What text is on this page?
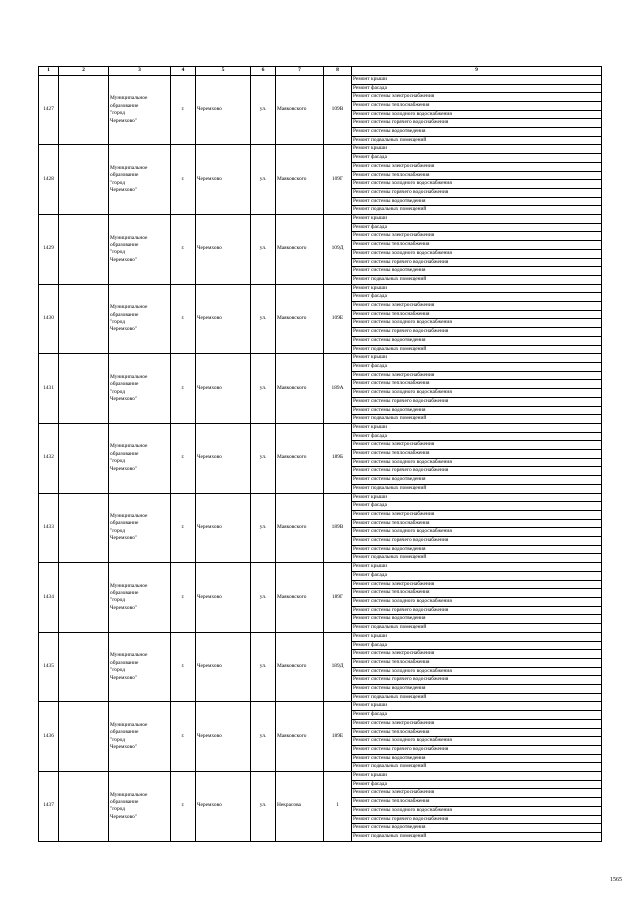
1	2	3	4	5	6	7	8	9
1427		Муниципальное
образование
"город
Черемхово"	г.	Черемхово	ул.	Маяковского	109В	Ремонт крыши
								Ремонт фасада
								Ремонт системы электроснабжения
								Ремонт системы теплоснабжения
								Ремонт системы холодного водоснабжения
								Ремонт системы горячего водоснабжения
								Ремонт системы водоотведения
								Ремонт подвальных помещений
1428		Муниципальное
образование
"город
Черемхово"	г.	Черемхово	ул.	Маяковского	109Г	Ремонт крыши
								Ремонт фасада
								Ремонт системы электроснабжения
								Ремонт системы теплоснабжения
								Ремонт системы холодного водоснабжения
								Ремонт системы горячего водоснабжения
								Ремонт системы водоотведения
								Ремонт подвальных помещений
1429		Муниципальное
образование
"город
Черемхово"	г.	Черемхово	ул.	Маяковского	109Д	Ремонт крыши
								Ремонт фасада
								Ремонт системы электроснабжения
								Ремонт системы теплоснабжения
								Ремонт системы холодного водоснабжения
								Ремонт системы горячего водоснабжения
								Ремонт системы водоотведения
								Ремонт подвальных помещений
1430		Муниципальное
образование
"город
Черемхово"	г.	Черемхово	ул.	Маяковского	109Е	Ремонт крыши
								Ремонт фасада
								Ремонт системы электроснабжения
								Ремонт системы теплоснабжения
								Ремонт системы холодного водоснабжения
								Ремонт системы горячего водоснабжения
								Ремонт системы водоотведения
								Ремонт подвальных помещений
1431		Муниципальное
образование
"город
Черемхово"	г.	Черемхово	ул.	Маяковского	189А	Ремонт крыши
								Ремонт фасада
								Ремонт системы электроснабжения
								Ремонт системы теплоснабжения
								Ремонт системы холодного водоснабжения
								Ремонт системы горячего водоснабжения
								Ремонт системы водоотведения
								Ремонт подвальных помещений
1432		Муниципальное
образование
"город
Черемхово"	г.	Черемхово	ул.	Маяковского	189Б	Ремонт крыши
								Ремонт фасада
								Ремонт системы электроснабжения
								Ремонт системы теплоснабжения
								Ремонт системы холодного водоснабжения
								Ремонт системы горячего водоснабжения
								Ремонт системы водоотведения
								Ремонт подвальных помещений
1433		Муниципальное
образование
"город
Черемхово"	г.	Черемхово	ул.	Маяковского	189В	Ремонт крыши
								Ремонт фасада
								Ремонт системы электроснабжения
								Ремонт системы теплоснабжения
								Ремонт системы холодного водоснабжения
								Ремонт системы горячего водоснабжения
								Ремонт системы водоотведения
								Ремонт подвальных помещений
1434		Муниципальное
образование
"город
Черемхово"	г.	Черемхово	ул.	Маяковского	189Г	Ремонт крыши
								Ремонт фасада
								Ремонт системы электроснабжения
								Ремонт системы теплоснабжения
								Ремонт системы холодного водоснабжения
								Ремонт системы горячего водоснабжения
								Ремонт системы водоотведения
								Ремонт подвальных помещений
1435		Муниципальное
образование
"город
Черемхово"	г.	Черемхово	ул.	Маяковского	189Д	Ремонт крыши
								Ремонт фасада
								Ремонт системы электроснабжения
								Ремонт системы теплоснабжения
								Ремонт системы холодного водоснабжения
								Ремонт системы горячего водоснабжения
								Ремонт системы водоотведения
								Ремонт подвальных помещений
1436		Муниципальное
образование
"город
Черемхово"	г.	Черемхово	ул.	Маяковского	189Е	Ремонт крыши
								Ремонт фасада
								Ремонт системы электроснабжения
								Ремонт системы теплоснабжения
								Ремонт системы холодного водоснабжения
								Ремонт системы горячего водоснабжения
								Ремонт системы водоотведения
								Ремонт подвальных помещений
1437		Муниципальное
образование
"город
Черемхово"	г.	Черемхово	ул.	Некрасова	1	Ремонт крыши
								Ремонт фасада
								Ремонт системы электроснабжения
								Ремонт системы теплоснабжения
								Ремонт системы холодного водоснабжения
								Ремонт системы горячего водоснабжения
								Ремонт системы водоотведения
								Ремонт подвальных помещений
1565
